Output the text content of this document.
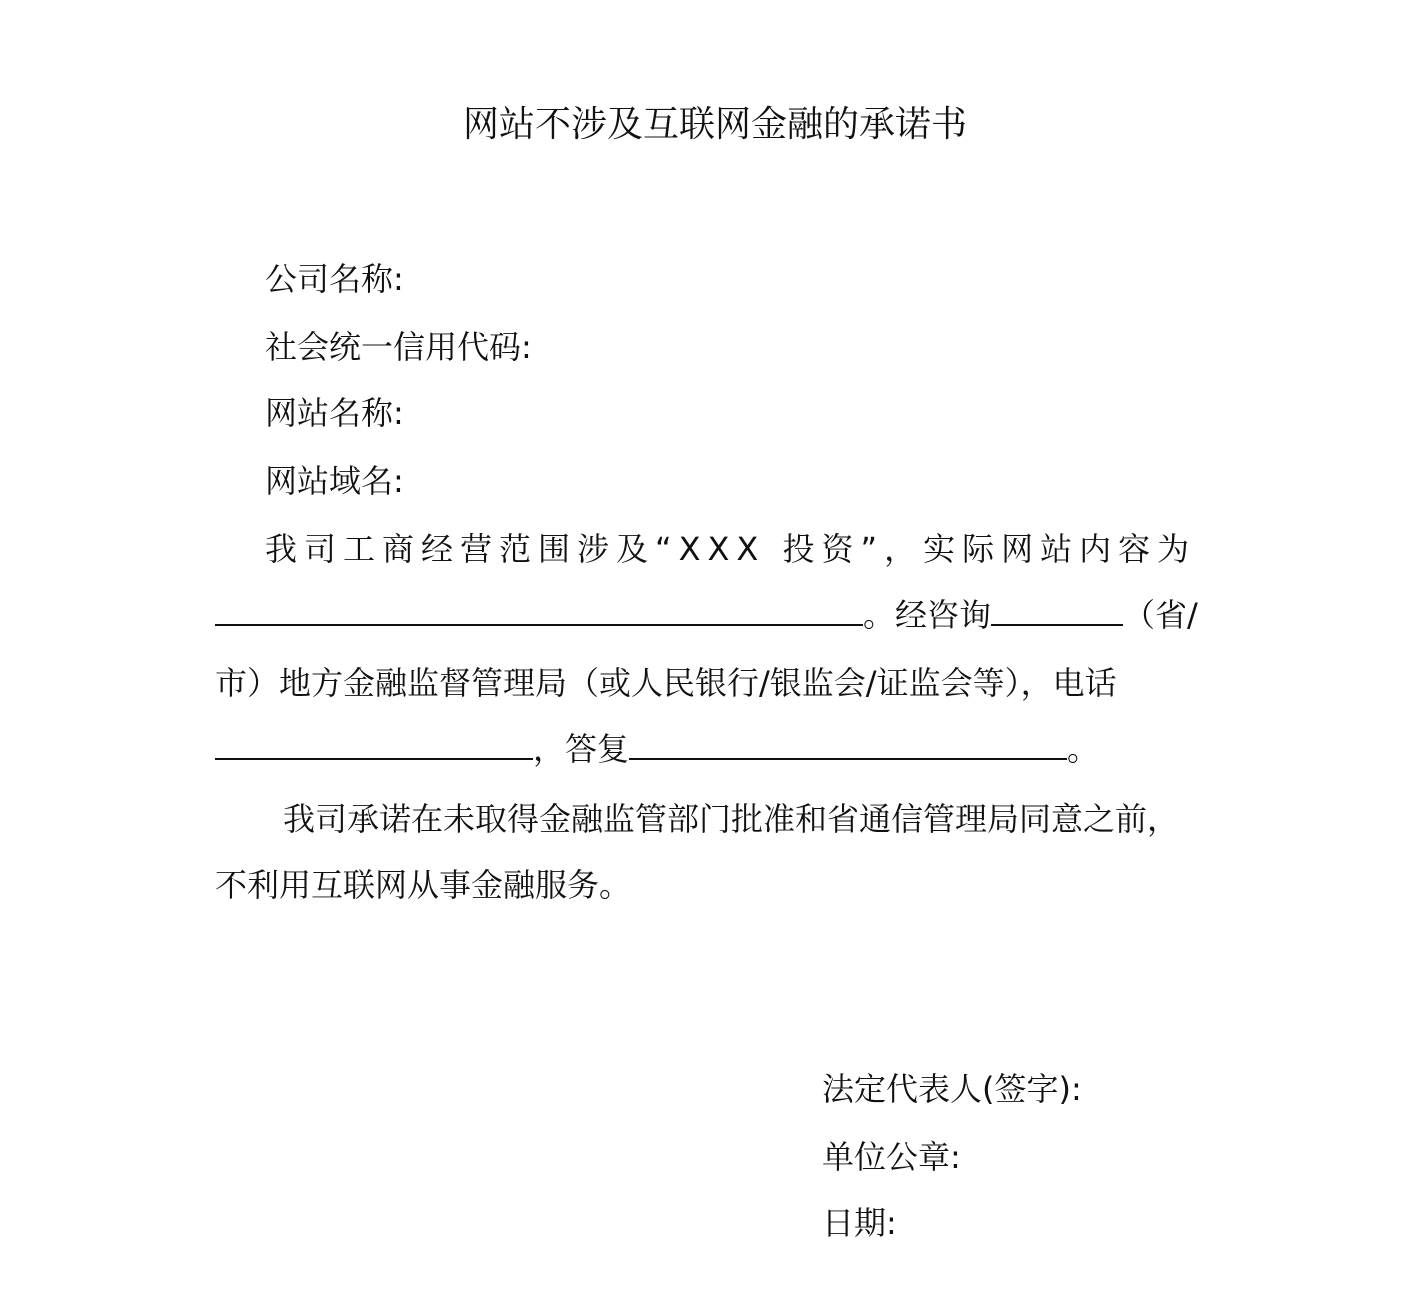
网站不涉及互联网金融的承诺书
公司名称:
社会统一信用代码:
网站名称:
网站域名:
我司工商经营范围涉及“XXX 投资”，实际网站内容为
。经咨询	（省/
市）地方金融监督管理局（或人民银行/银监会/证监会等），电话
，答复	。
我司承诺在未取得金融监管部门批准和省通信管理局同意之前，
不利用互联网从事金融服务。
法定代表人(签字):
单位公章:
日期:
